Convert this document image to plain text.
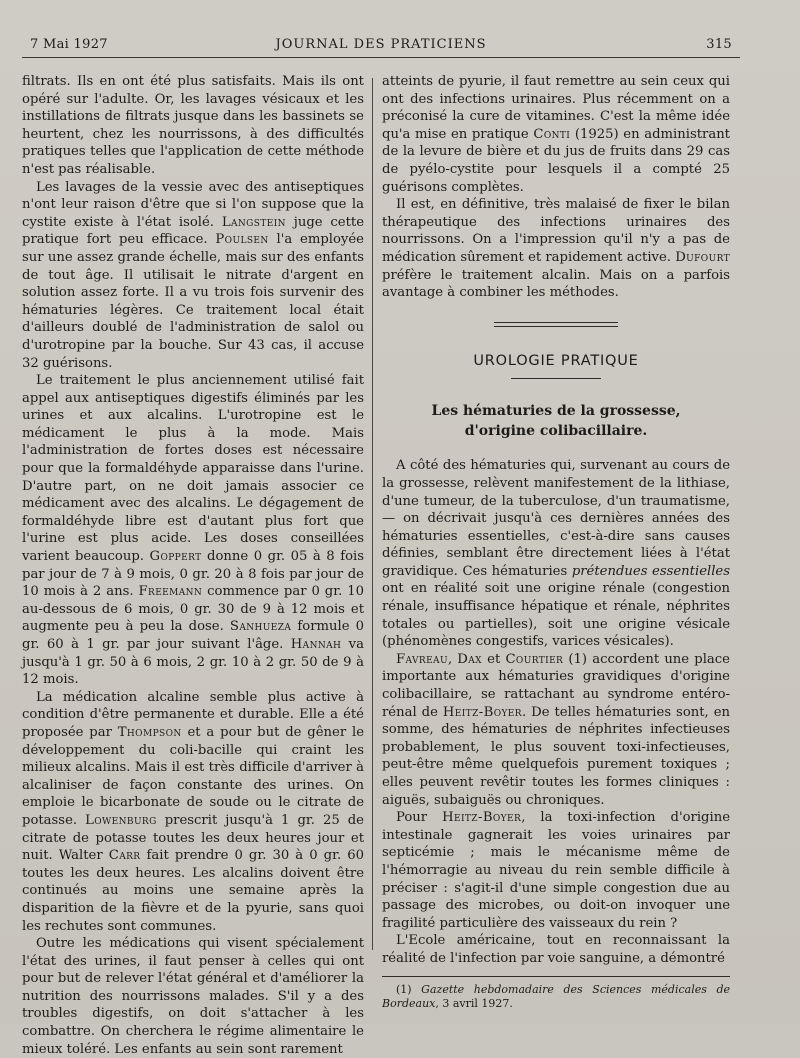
7 Mai 1927	JOURNAL DES PRATICIENS	315

filtrats. Ils en ont été plus satisfaits. Mais ils ont opéré sur l'adulte. Or, les lavages vésicaux et les instillations de filtrats jusque dans les bassinets se heurtent, chez les nourrissons, à des difficultés pratiques telles que l'application de cette méthode n'est pas réalisable.

Les lavages de la vessie avec des antiseptiques n'ont leur raison d'être que si l'on suppose que la cystite existe à l'état isolé. Langstein juge cette pratique fort peu efficace. Poulsen l'a employée sur une assez grande échelle, mais sur des enfants de tout âge. Il utilisait le nitrate d'argent en solution assez forte. Il a vu trois fois survenir des hématuries légères. Ce traitement local était d'ailleurs doublé de l'administration de salol ou d'urotropine par la bouche. Sur 43 cas, il accuse 32 guérisons.

Le traitement le plus anciennement utilisé fait appel aux antiseptiques digestifs éliminés par les urines et aux alcalins. L'urotropine est le médicament le plus à la mode. Mais l'administration de fortes doses est nécessaire pour que la formaldéhyde apparaisse dans l'urine. D'autre part, on ne doit jamais associer ce médicament avec des alcalins. Le dégagement de formaldéhyde libre est d'autant plus fort que l'urine est plus acide. Les doses conseillées varient beaucoup. Goppert donne 0 gr. 05 à 8 fois par jour de 7 à 9 mois, 0 gr. 20 à 8 fois par jour de 10 mois à 2 ans. Freemann commence par 0 gr. 10 au-dessous de 6 mois, 0 gr. 30 de 9 à 12 mois et augmente peu à peu la dose. Sanhueza formule 0 gr. 60 à 1 gr. par jour suivant l'âge. Hannah va jusqu'à 1 gr. 50 à 6 mois, 2 gr. 10 à 2 gr. 50 de 9 à 12 mois.

La médication alcaline semble plus active à condition d'être permanente et durable. Elle a été proposée par Thompson et a pour but de gêner le développement du coli-bacille qui craint les milieux alcalins. Mais il est très difficile d'arriver à alcaliniser de façon constante des urines. On emploie le bicarbonate de soude ou le citrate de potasse. Lowenburg prescrit jusqu'à 1 gr. 25 de citrate de potasse toutes les deux heures jour et nuit. Walter Carr fait prendre 0 gr. 30 à 0 gr. 60 toutes les deux heures. Les alcalins doivent être continués au moins une semaine après la disparition de la fièvre et de la pyurie, sans quoi les rechutes sont communes.

Outre les médications qui visent spécialement l'état des urines, il faut penser à celles qui ont pour but de relever l'état général et d'améliorer la nutrition des nourrissons malades. S'il y a des troubles digestifs, on doit s'attacher à les combattre. On cherchera le régime alimentaire le mieux toléré. Les enfants au sein sont rarement

atteints de pyurie, il faut remettre au sein ceux qui ont des infections urinaires. Plus récemment on a préconisé la cure de vitamines. C'est la même idée qu'a mise en pratique Conti (1925) en administrant de la levure de bière et du jus de fruits dans 29 cas de pyélo-cystite pour lesquels il a compté 25 guérisons complètes.

Il est, en définitive, très malaisé de fixer le bilan thérapeutique des infections urinaires des nourrissons. On a l'impression qu'il n'y a pas de médication sûrement et rapidement active. Dufourt préfère le traitement alcalin. Mais on a parfois avantage à combiner les méthodes.

UROLOGIE PRATIQUE
Les hématuries de la grossesse,
d'origine colibacillaire.

A côté des hématuries qui, survenant au cours de la grossesse, relèvent manifestement de la lithiase, d'une tumeur, de la tuberculose, d'un traumatisme, — on décrivait jusqu'à ces dernières années des hématuries essentielles, c'est-à-dire sans causes définies, semblant être directement liées à l'état gravidique. Ces hématuries prétendues essentielles ont en réalité soit une origine rénale (congestion rénale, insuffisance hépatique et rénale, néphrites totales ou partielles), soit une origine vésicale (phénomènes congestifs, varices vésicales).

Favreau, Dax et Courtier (1) accordent une place importante aux hématuries gravidiques d'origine colibacillaire, se rattachant au syndrome entéro-rénal de Heitz-Boyer. De telles hématuries sont, en somme, des hématuries de néphrites infectieuses probablement, le plus souvent toxi-infectieuses, peut-être même quelquefois purement toxiques ; elles peuvent revêtir toutes les formes cliniques : aiguës, subaiguës ou chroniques.

Pour Heitz-Boyer, la toxi-infection d'origine intestinale gagnerait les voies urinaires par septicémie ; mais le mécanisme même de l'hémorragie au niveau du rein semble difficile à préciser : s'agit-il d'une simple congestion due au passage des microbes, ou doit-on invoquer une fragilité particulière des vaisseaux du rein ?

L'Ecole américaine, tout en reconnaissant la réalité de l'infection par voie sanguine, a démontré

(1) Gazette hebdomadaire des Sciences médicales de Bordeaux, 3 avril 1927.
